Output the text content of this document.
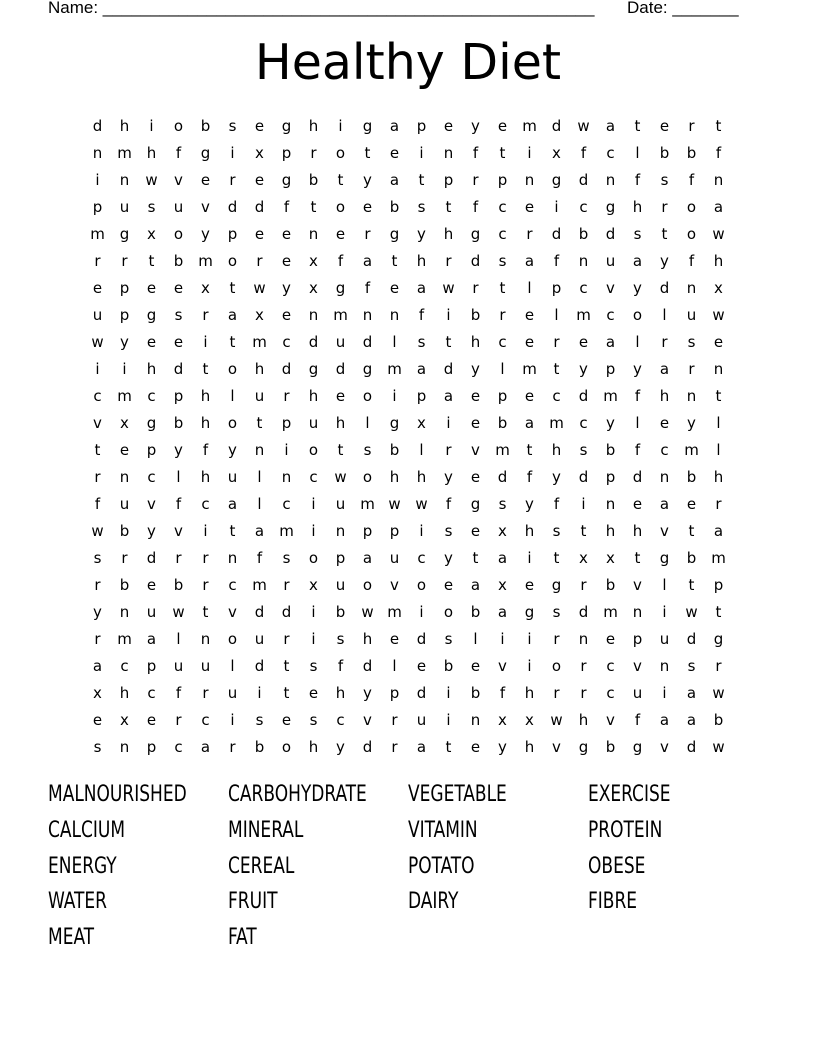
Name: ____________________________________________________ Date: _______
Healthy Diet
d	h	i	o	b	s	e	g	h	i	g	a	p	e	y	e	m d	w	a	t	e	r	t
n m h	f	g	i	x	p	r	o	t	e	i	n	f	t	i	x	f	c	l	b	b	f
i	n	w	v	e	r	e	g	b	t	y	a	t	p	r	p	n	g	d	n	f	s	f	n
p	u	s	u	v	d	d	f	t	o	e	b	s	t	f	c	e	i	c	g	h	r	o	a
m g	x	o	y	p	e	e	n	e	r	g	y	h	g	c	r	d	b	d	s	t	o	w
r	r	t	b m	o	r	e	x	f	a	t	h	r	d	s	a	f	n	u	a	y	f	h
e	p	e	e	x	t	w	y	x	g	f	e	a	w	r	t	l	p	c	v	y	d	n	x
u	p	g	s	r	a	x	e	n m n	n	f	i	b	r	e	l	m	c	o	l	u	w
w	y	e	e	i	t	m	c	d	u	d	l	s	t	h	c	e	r	e	a	l	r	s	e
i	i	h	d	t	o	h	d	g	d	g m	a	d	y	l	m	t	y	p	y	a	r	n
c	m	c	p	h	l	u	r	h	e	o	i	p	a	e	p	e	c	d m	f	h	n	t
v	x	g	b	h	o	t	p	u	h	l	g	x	i	e	b	a	m	c	y	l	e	y	l
t	e	p	y	f	y	n	i	o	t	s	b	l	r	v	m	t	h	s	b	f	c	m	l
r	n	c	l	h	u	l	n	c	w	o	h	h	y	e	d	f	y	d	p	d	n	b	h
f	u	v	f	c	a	l	c	i	u m w w	f	g	s	y	f	i	n	e	a	e	r
w	b	y	v	i	t	a	m	i	n	p	p	i	s	e	x	h	s	t	h	h	v	t	a
s	r	d	r	r	n	f	s	o	p	a	u	c	y	t	a	i	t	x	x	t	g	b m
r	b	e	b	r	c	m	r	x	u	o	v	o	e	a	x	e	g	r	b	v	l	t	p
y	n	u	w	t	v	d	d	i	b	w m	i	o	b	a	g	s	d m n	i	w	t
r	m	a	l	n	o	u	r	i	s	h	e	d	s	l	i	i	r	n	e	p	u	d	g
a	c	p	u	u	l	d	t	s	f	d	l	e	b	e	v	i	o	r	c	v	n	s	r
x	h	c	f	r	u	i	t	e	h	y	p	d	i	b	f	h	r	r	c	u	i	a	w
e	x	e	r	c	i	s	e	s	c	v	r	u	i	n	x	x	w	h	v	f	a	a	b
s	n	p	c	a	r	b	o	h	y	d	r	a	t	e	y	h	v	g	b	g	v	d	w
MALNOURISHED	CARBOHYDRATE	VEGETABLE	EXERCISE
CALCIUM	MINERAL	VITAMIN	PROTEIN
ENERGY	CEREAL	POTATO	OBESE
WATER	FRUIT	DAIRY	FIBRE
MEAT	FAT
